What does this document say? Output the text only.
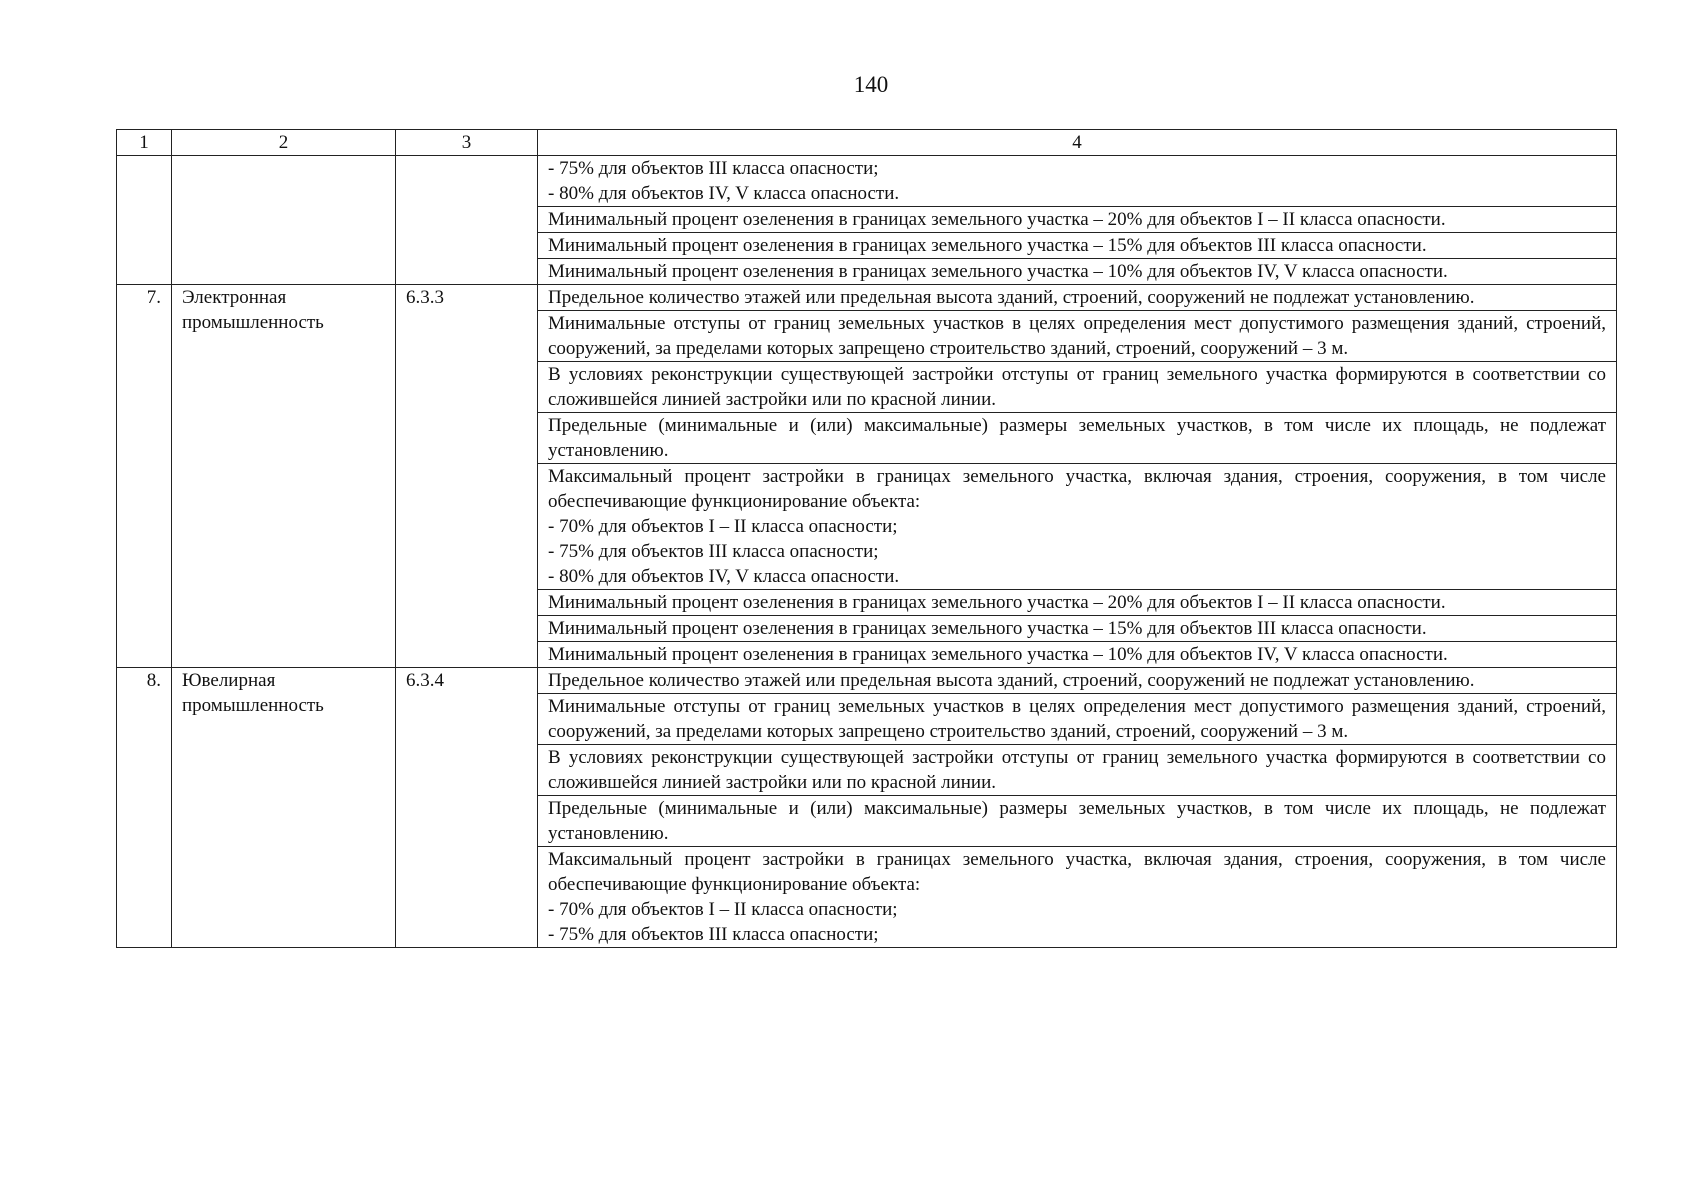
140
1	2	3	4

			- 75% для объектов III класса опасности;
- 80% для объектов IV, V класса опасности.

			Минимальный процент озеленения в границах земельного участка – 20% для объектов I – II класса опасности.
			Минимальный процент озеленения в границах земельного участка – 15% для объектов III класса опасности.
			Минимальный процент озеленения в границах земельного участка – 10% для объектов IV, V класса опасности.
7.	Электронная промышленность	6.3.3	Предельное количество этажей или предельная высота зданий, строений, сооружений не подлежат установлению.
			Минимальные отступы от границ земельных участков в целях определения мест допустимого размещения зданий, строений, сооружений, за пределами которых запрещено строительство зданий, строений, сооружений – 3 м.
			В условиях реконструкции существующей застройки отступы от границ земельного участка формируются в соответствии со сложившейся линией застройки или по красной линии.
			Предельные (минимальные и (или) максимальные) размеры земельных участков, в том числе их площадь, не подлежат установлению.

			Максимальный процент застройки в границах земельного участка, включая здания, строения, сооружения, в том числе обеспечивающие функционирование объекта:
- 70% для объектов I – II класса опасности;
- 75% для объектов III класса опасности;
- 80% для объектов IV, V класса опасности.

			Минимальный процент озеленения в границах земельного участка – 20% для объектов I – II класса опасности.
			Минимальный процент озеленения в границах земельного участка – 15% для объектов III класса опасности.
			Минимальный процент озеленения в границах земельного участка – 10% для объектов IV, V класса опасности.
8.	Ювелирная промышленность	6.3.4	Предельное количество этажей или предельная высота зданий, строений, сооружений не подлежат установлению.
			Минимальные отступы от границ земельных участков в целях определения мест допустимого размещения зданий, строений, сооружений, за пределами которых запрещено строительство зданий, строений, сооружений – 3 м.
			В условиях реконструкции существующей застройки отступы от границ земельного участка формируются в соответствии со сложившейся линией застройки или по красной линии.
			Предельные (минимальные и (или) максимальные) размеры земельных участков, в том числе их площадь, не подлежат установлению.

			Максимальный процент застройки в границах земельного участка, включая здания, строения, сооружения, в том числе обеспечивающие функционирование объекта:
- 70% для объектов I – II класса опасности;
- 75% для объектов III класса опасности;
